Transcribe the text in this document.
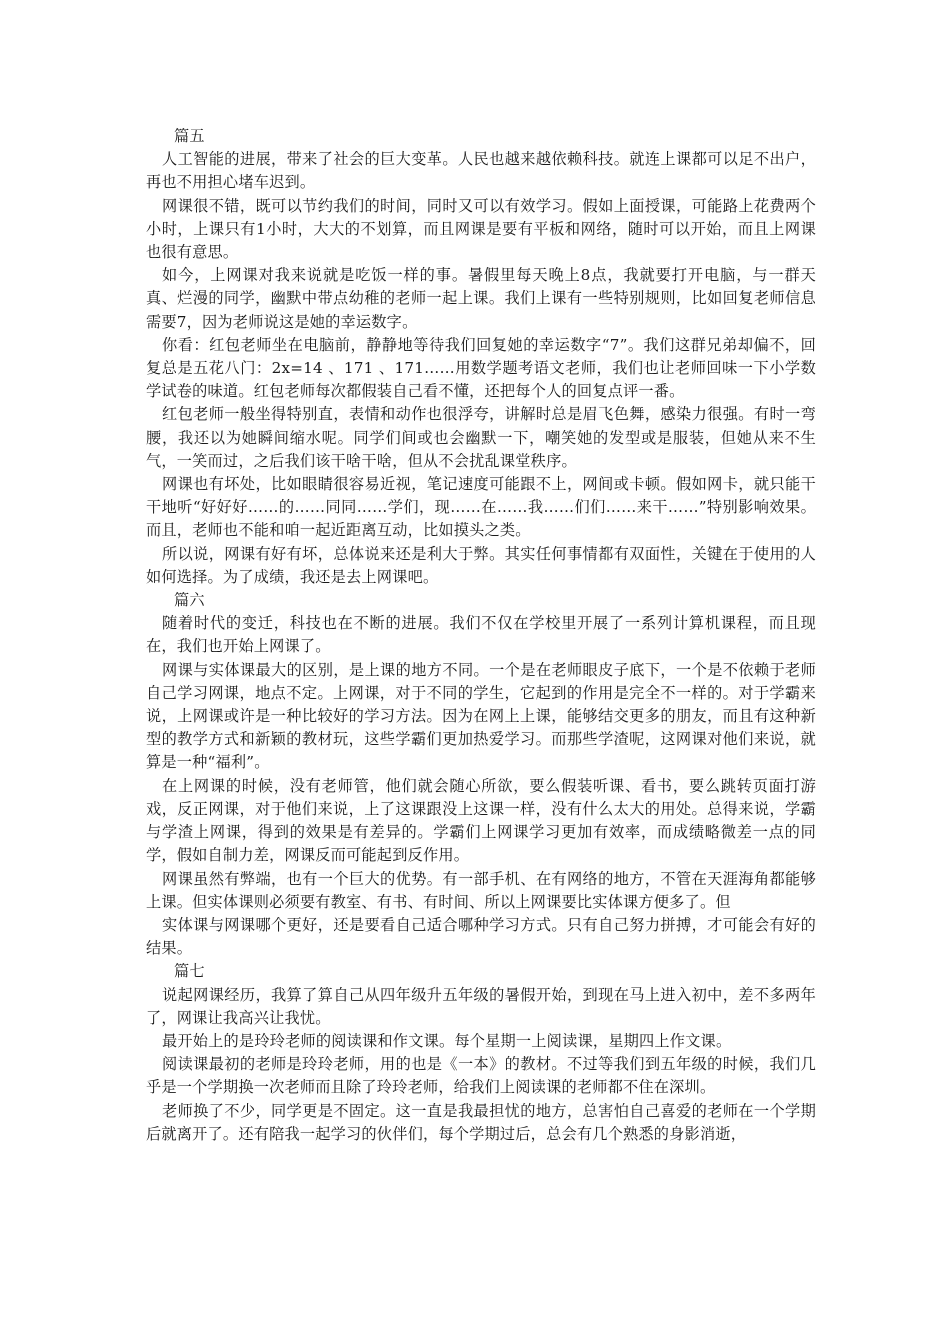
篇五

人工智能的进展，带来了社会的巨大变革。人民也越来越依赖科技。就连上课都可以足不出户，再也不用担心堵车迟到。

网课很不错，既可以节约我们的时间，同时又可以有效学习。假如上面授课，可能路上花费两个小时，上课只有1小时，大大的不划算，而且网课是要有平板和网络，随时可以开始，而且上网课也很有意思。

如今，上网课对我来说就是吃饭一样的事。暑假里每天晚上8点，我就要打开电脑，与一群天真、烂漫的同学，幽默中带点幼稚的老师一起上课。我们上课有一些特别规则，比如回复老师信息需要7，因为老师说这是她的幸运数字。

你看：红包老师坐在电脑前，静静地等待我们回复她的幸运数字“7”。我们这群兄弟却偏不，回复总是五花八门：2x=14 、171 、171……用数学题考语文老师，我们也让老师回味一下小学数学试卷的味道。红包老师每次都假装自己看不懂，还把每个人的回复点评一番。

红包老师一般坐得特别直，表情和动作也很浮夸，讲解时总是眉飞色舞，感染力很强。有时一弯腰，我还以为她瞬间缩水呢。同学们间或也会幽默一下，嘲笑她的发型或是服装，但她从来不生气，一笑而过，之后我们该干啥干啥，但从不会扰乱课堂秩序。

网课也有坏处，比如眼睛很容易近视，笔记速度可能跟不上，网间或卡顿。假如网卡，就只能干干地听“好好好……的……同同……学们，现……在……我……们们……来干……”特别影响效果。而且，老师也不能和咱一起近距离互动，比如摸头之类。

所以说，网课有好有坏，总体说来还是利大于弊。其实任何事情都有双面性，关键在于使用的人如何选择。为了成绩，我还是去上网课吧。

篇六

随着时代的变迁，科技也在不断的进展。我们不仅在学校里开展了一系列计算机课程，而且现在，我们也开始上网课了。

网课与实体课最大的区别，是上课的地方不同。一个是在老师眼皮子底下，一个是不依赖于老师自己学习网课，地点不定。上网课，对于不同的学生，它起到的作用是完全不一样的。对于学霸来说，上网课或许是一种比较好的学习方法。因为在网上上课，能够结交更多的朋友，而且有这种新型的教学方式和新颖的教材玩，这些学霸们更加热爱学习。而那些学渣呢，这网课对他们来说，就算是一种“福利”。

在上网课的时候，没有老师管，他们就会随心所欲，要么假装听课、看书，要么跳转页面打游戏，反正网课，对于他们来说，上了这课跟没上这课一样，没有什么太大的用处。总得来说，学霸与学渣上网课，得到的效果是有差异的。学霸们上网课学习更加有效率，而成绩略微差一点的同学，假如自制力差，网课反而可能起到反作用。

网课虽然有弊端，也有一个巨大的优势。有一部手机、在有网络的地方，不管在天涯海角都能够上课。但实体课则必须要有教室、有书、有时间、所以上网课要比实体课方便多了。但

实体课与网课哪个更好，还是要看自己适合哪种学习方式。只有自己努力拼搏，才可能会有好的结果。

篇七

说起网课经历，我算了算自己从四年级升五年级的暑假开始，到现在马上进入初中，差不多两年了，网课让我高兴让我忧。

最开始上的是玲玲老师的阅读课和作文课。每个星期一上阅读课，星期四上作文课。

阅读课最初的老师是玲玲老师，用的也是《一本》的教材。不过等我们到五年级的时候，我们几乎是一个学期换一次老师而且除了玲玲老师，给我们上阅读课的老师都不住在深圳。

老师换了不少，同学更是不固定。这一直是我最担忧的地方，总害怕自己喜爱的老师在一个学期后就离开了。还有陪我一起学习的伙伴们，每个学期过后，总会有几个熟悉的身影消逝，
